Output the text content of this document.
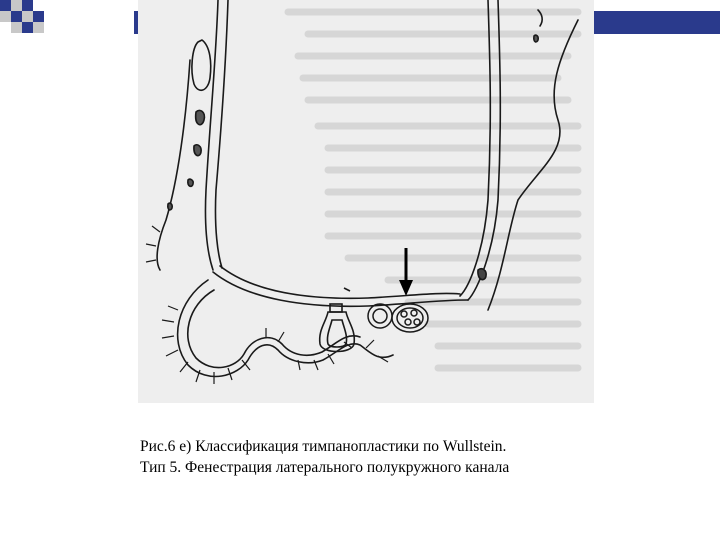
Рис.6 е) Классификация тимпанопластики по Wullstein.
Тип 5. Фенестрация латерального полукружного канала
